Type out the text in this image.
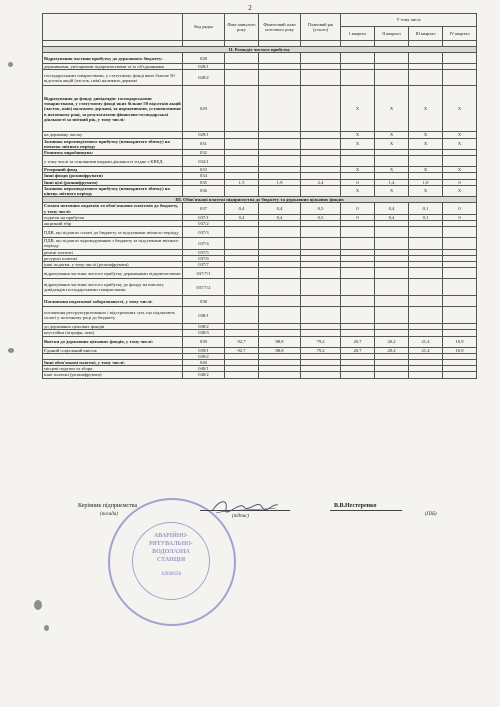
2
	Код рядка	Факт минулого року	Фінансовий план поточного року	Плановий рік (усього)	У тому числі			
					I квартал	II квартал	III квартал	IV квартал

II. Розподіл чистого прибутку								
Відрахування частини прибутку до державного бюджету:	028							
державними, унітарними підприємствами та їх об'єднаннями	028/1							
господарськими товариствами, у статутному фонді яких більше 50 відсотків акцій (часток, паїв) належить державі	028/2							
Відрахування до фонду дивідендів: господарськими товариствами, у статутному фонді яких більше 50 відсотків акцій (часток, паїв) належить державі, за нормативами, установленими в поточному році, за результатами фінансово-господарської діяльності за звітний рік, у тому числі:	029				X	X	X	X
на державну частку	029/1				X	X	X	X
Залишок нерозподіленого прибутку (непокритого збитку) на початок звітного періоду	031				X	X	X	X
Розвиток виробництва:	032							
у тому числі за основними видами діяльності згідно з КВЕД	032/1							
Резервний фонд	033				X	X	X	X
Інші фонди (розшифрувати)	034							
Інші цілі (розшифрувати)	035	1,5	1,9	2,4	0	1,4	1,0	0
Залишок нерозподіленого прибутку (непокритого збитку) на кінець звітного періоду	036				X	X	X	X
III. Обов'язкові платежі підприємства до бюджету та державних цільових фондів								
Сплата поточних податків та обов'язкових платежів до бюджету, у тому числі:	037	0,4	0,4	0,5	0	0,4	0,1	0
податок на прибуток	037/1	0,4	0,4	0,5	0	0,4	0,1	0
акцизний збір	037/2							
ПДВ, що підлягає сплаті до бюджету за підсумками звітного періоду	037/3							
ПДВ, що підлягає відшкодуванню з бюджету за підсумками звітного періоду	037/4							
рентні платежі	037/5							
ресурсні платежі	037/6							
інші податки, у тому числі (розшифрувати)	037/7							
відрахування частини чистого прибутку державними підприємствами	037/7/1							
відрахування частини чистого прибутку до фонду на виплату дивідендів господарськими товариствами	037/7/2							
Погашення податкової заборгованості, у тому числі:	038							
погашення реструктуризованих і відстрочених сум, що підлягають сплаті у поточному році до бюджету	038/1							
до державних цільових фондів	038/2							
неустойки (штрафи, пені)	038/3							
Внески до державних цільових фондів, у тому числі:	039	92,7	88,8	79,2	20,7	20,2	21,4	16,9
Єдиний соціальний внесок	039/1	92,7	88,8	79,2	20,7	20,2	21,4	16,9
	039/2							
Інші обов'язкові платежі, у тому числі:	040							
місцеві податки та збори	040/1							
інші платежі (розшифрувати)	040/2							
АВАРІЙНО-
РЯТУВАЛЬНО-
ВОДОЛАЗНА
СТАНЦІЯ
32930550
Керівник підприємства
(посада)	(підпис)
В.В.Нестеренко
(ПІБ)
